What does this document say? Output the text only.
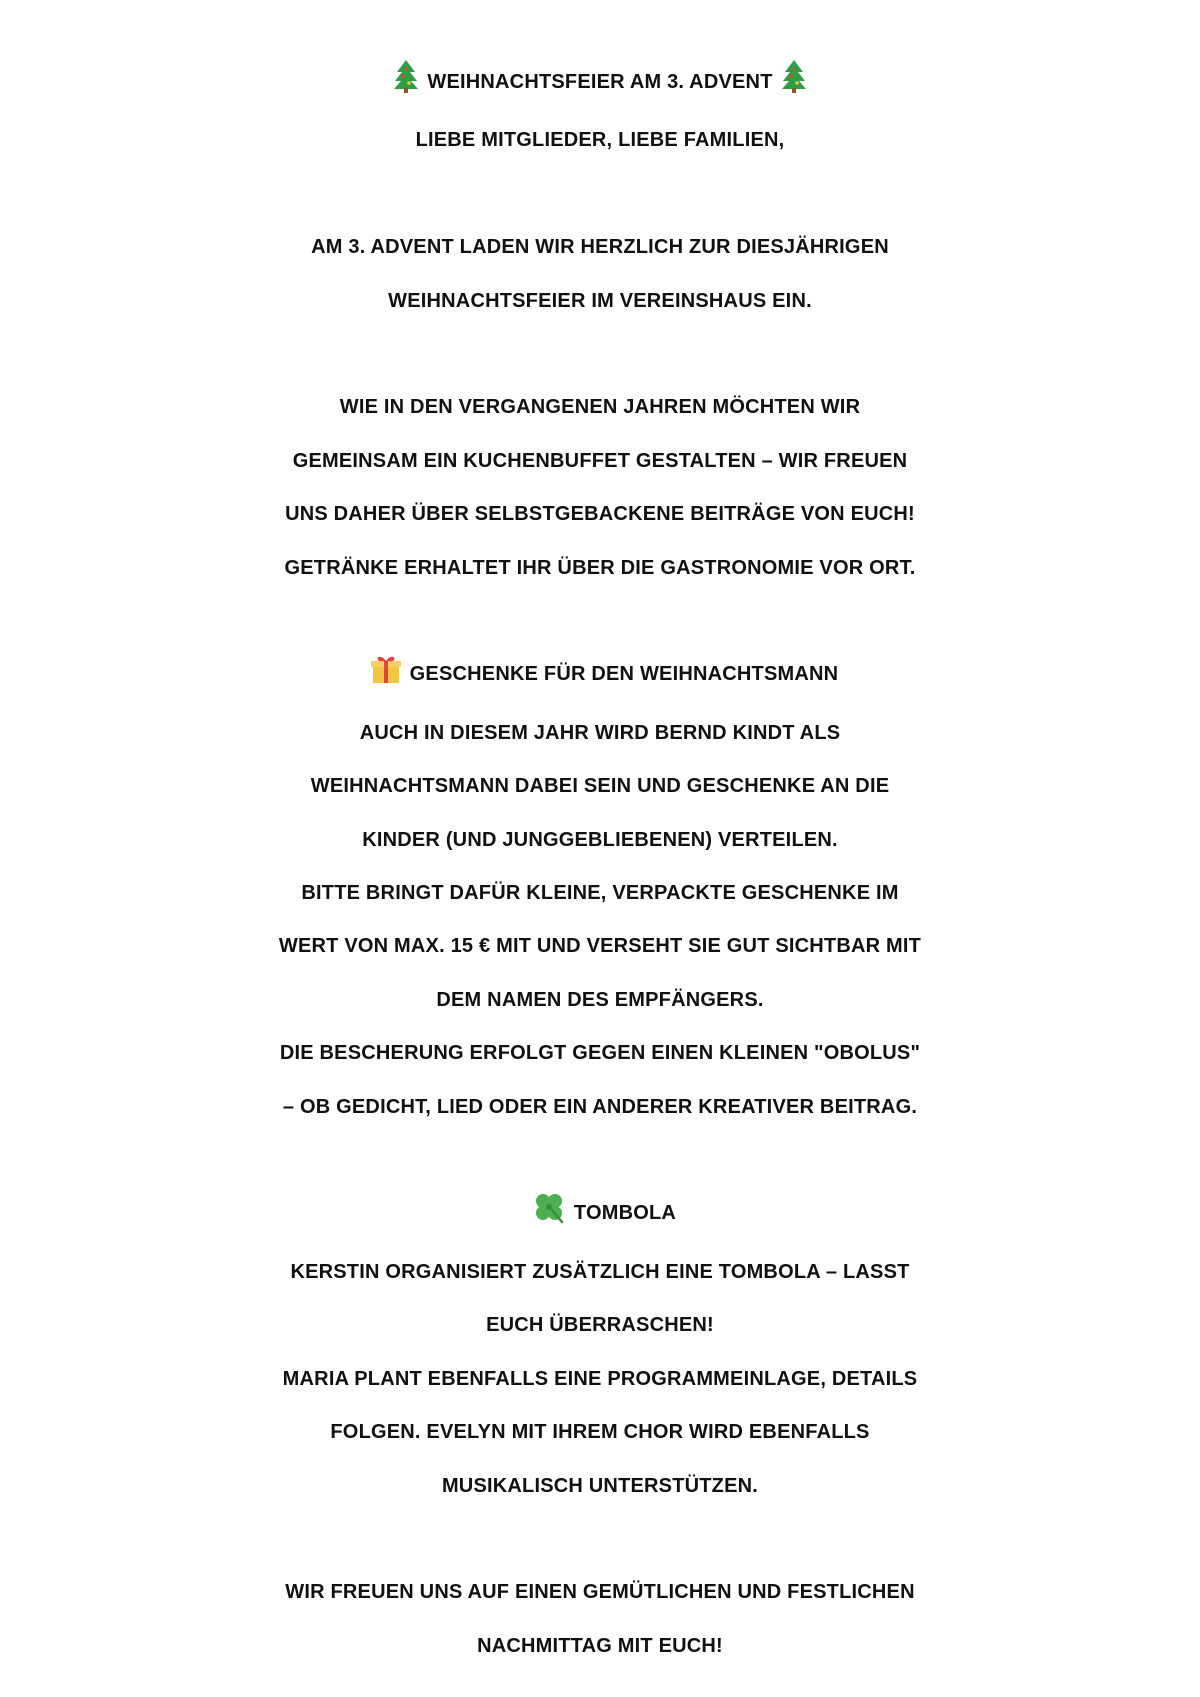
WEIHNACHTSFEIER AM 3. ADVENT
LIEBE MITGLIEDER, LIEBE FAMILIEN,
AM 3. ADVENT LADEN WIR HERZLICH ZUR DIESJÄHRIGEN
WEIHNACHTSFEIER IM VEREINSHAUS EIN.
WIE IN DEN VERGANGENEN JAHREN MÖCHTEN WIR
GEMEINSAM EIN KUCHENBUFFET GESTALTEN – WIR FREUEN
UNS DAHER ÜBER SELBSTGEBACKENE BEITRÄGE VON EUCH!
GETRÄNKE ERHALTET IHR ÜBER DIE GASTRONOMIE VOR ORT.
GESCHENKE FÜR DEN WEIHNACHTSMANN
AUCH IN DIESEM JAHR WIRD BERND KINDT ALS
WEIHNACHTSMANN DABEI SEIN UND GESCHENKE AN DIE
KINDER (UND JUNGGEBLIEBENEN) VERTEILEN.
BITTE BRINGT DAFÜR KLEINE, VERPACKTE GESCHENKE IM
WERT VON MAX. 15 € MIT UND VERSEHT SIE GUT SICHTBAR MIT
DEM NAMEN DES EMPFÄNGERS.
DIE BESCHERUNG ERFOLGT GEGEN EINEN KLEINEN "OBOLUS"
– OB GEDICHT, LIED ODER EIN ANDERER KREATIVER BEITRAG.
TOMBOLA
KERSTIN ORGANISIERT ZUSÄTZLICH EINE TOMBOLA – LASST
EUCH ÜBERRASCHEN!
MARIA PLANT EBENFALLS EINE PROGRAMMEINLAGE, DETAILS
FOLGEN. EVELYN MIT IHREM CHOR WIRD EBENFALLS
MUSIKALISCH UNTERSTÜTZEN.
WIR FREUEN UNS AUF EINEN GEMÜTLICHEN UND FESTLICHEN
NACHMITTAG MIT EUCH!
